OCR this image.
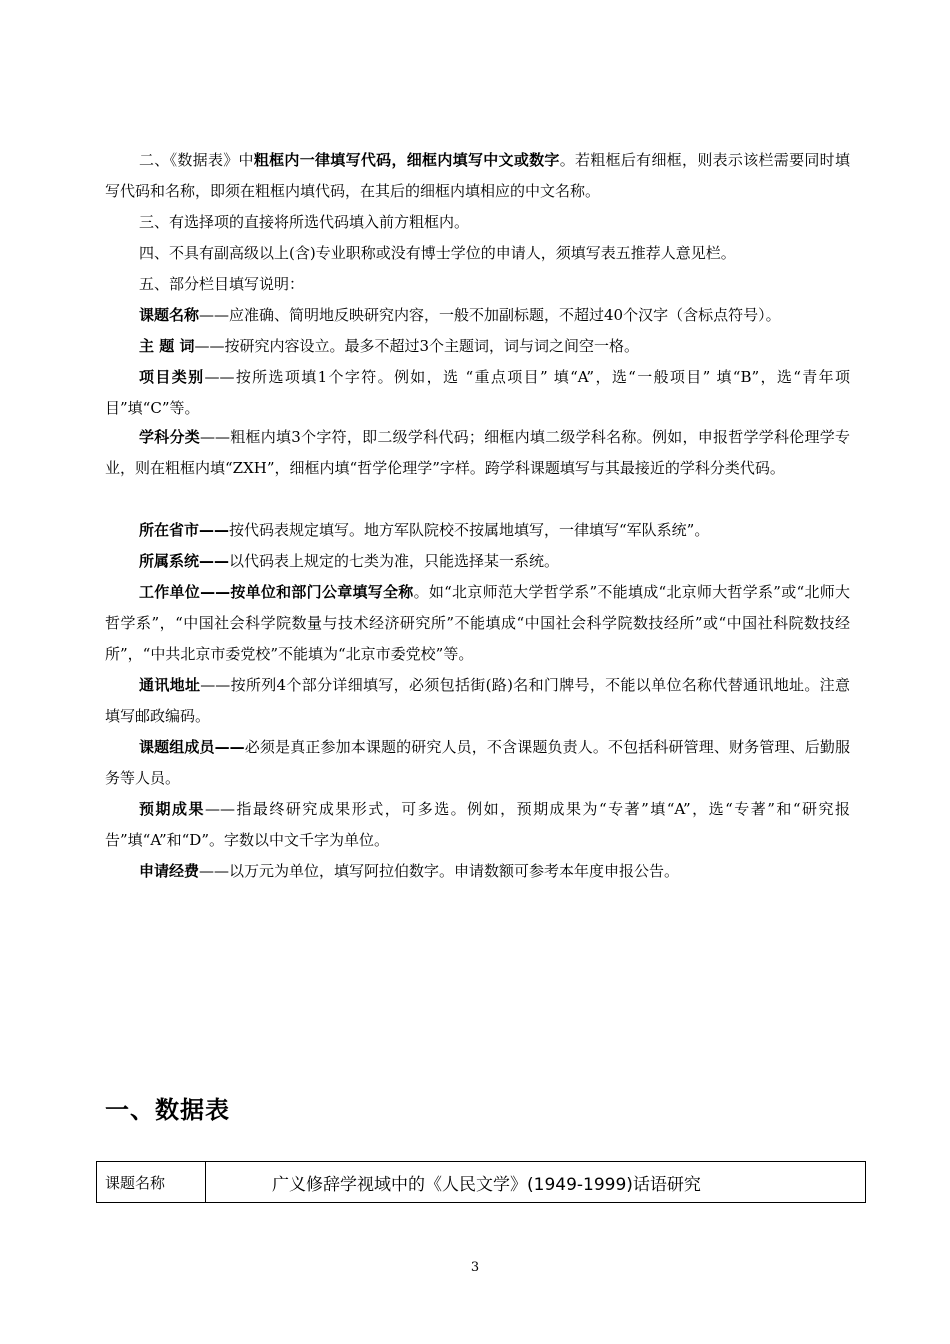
二、《数据表》中粗框内一律填写代码，细框内填写中文或数字。若粗框后有细框，则表示该栏需要同时填写代码和名称，即须在粗框内填代码，在其后的细框内填相应的中文名称。
三、有选择项的直接将所选代码填入前方粗框内。
四、不具有副高级以上(含)专业职称或没有博士学位的申请人，须填写表五推荐人意见栏。
五、部分栏目填写说明：
课题名称——应准确、简明地反映研究内容，一般不加副标题，不超过40个汉字（含标点符号）。
主 题 词——按研究内容设立。最多不超过3个主题词，词与词之间空一格。
项目类别——按所选项填1个字符。例如，选 “重点项目” 填“A”，选“一般项目” 填“B”，选“青年项目”填“C”等。
学科分类——粗框内填3个字符，即二级学科代码；细框内填二级学科名称。例如，申报哲学学科伦理学专业，则在粗框内填“ZXH”，细框内填“哲学伦理学”字样。跨学科课题填写与其最接近的学科分类代码。
所在省市——按代码表规定填写。地方军队院校不按属地填写，一律填写“军队系统”。
所属系统——以代码表上规定的七类为准，只能选择某一系统。
工作单位——按单位和部门公章填写全称。如“北京师范大学哲学系”不能填成“北京师大哲学系”或“北师大哲学系”，“中国社会科学院数量与技术经济研究所”不能填成“中国社会科学院数技经所”或“中国社科院数技经所”，“中共北京市委党校”不能填为“北京市委党校”等。
通讯地址——按所列4个部分详细填写，必须包括街(路)名和门牌号，不能以单位名称代替通讯地址。注意填写邮政编码。
课题组成员——必须是真正参加本课题的研究人员，不含课题负责人。不包括科研管理、财务管理、后勤服务等人员。
预期成果——指最终研究成果形式，可多选。例如，预期成果为“专著”填“A”，选“专著”和“研究报告”填“A”和“D”。字数以中文千字为单位。
申请经费——以万元为单位，填写阿拉伯数字。申请数额可参考本年度申报公告。
一、数据表
课题名称	广义修辞学视域中的《人民文学》(1949-1999)话语研究
3
